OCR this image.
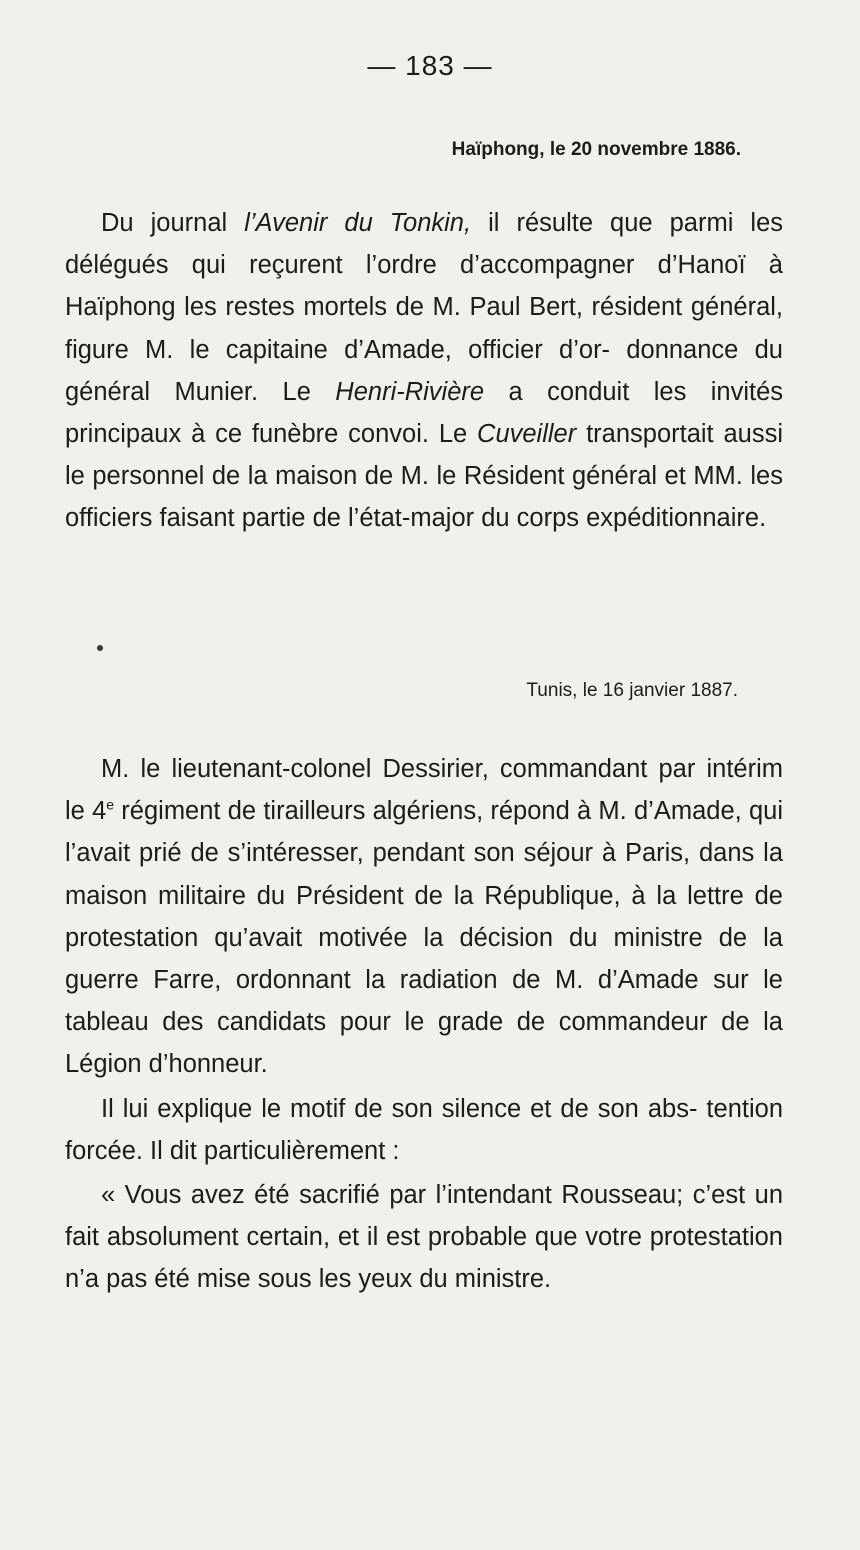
— 183 —
Haïphong, le 20 novembre 1886.

Du journal l’Avenir du Tonkin, il résulte que parmi les délégués qui reçurent l’ordre d’accompagner d’Hanoï à Haïphong les restes mortels de M. Paul Bert, résident général, figure M. le capitaine d’Amade, officier d’or- donnance du général Munier. Le Henri-Rivière a conduit les invités principaux à ce funèbre convoi. Le Cuveiller transportait aussi le personnel de la maison de M. le Résident général et MM. les officiers faisant partie de l’état-major du corps expéditionnaire.

Tunis, le 16 janvier 1887.

M. le lieutenant-colonel Dessirier, commandant par intérim le 4e régiment de tirailleurs algériens, répond à M. d’Amade, qui l’avait prié de s’intéresser, pendant son séjour à Paris, dans la maison militaire du Président de la République, à la lettre de protestation qu’avait motivée la décision du ministre de la guerre Farre, ordonnant la radiation de M. d’Amade sur le tableau des candidats pour le grade de commandeur de la Légion d’honneur.

Il lui explique le motif de son silence et de son abs- tention forcée. Il dit particulièrement :

« Vous avez été sacrifié par l’intendant Rousseau; c’est un fait absolument certain, et il est probable que votre protestation n’a pas été mise sous les yeux du ministre.
